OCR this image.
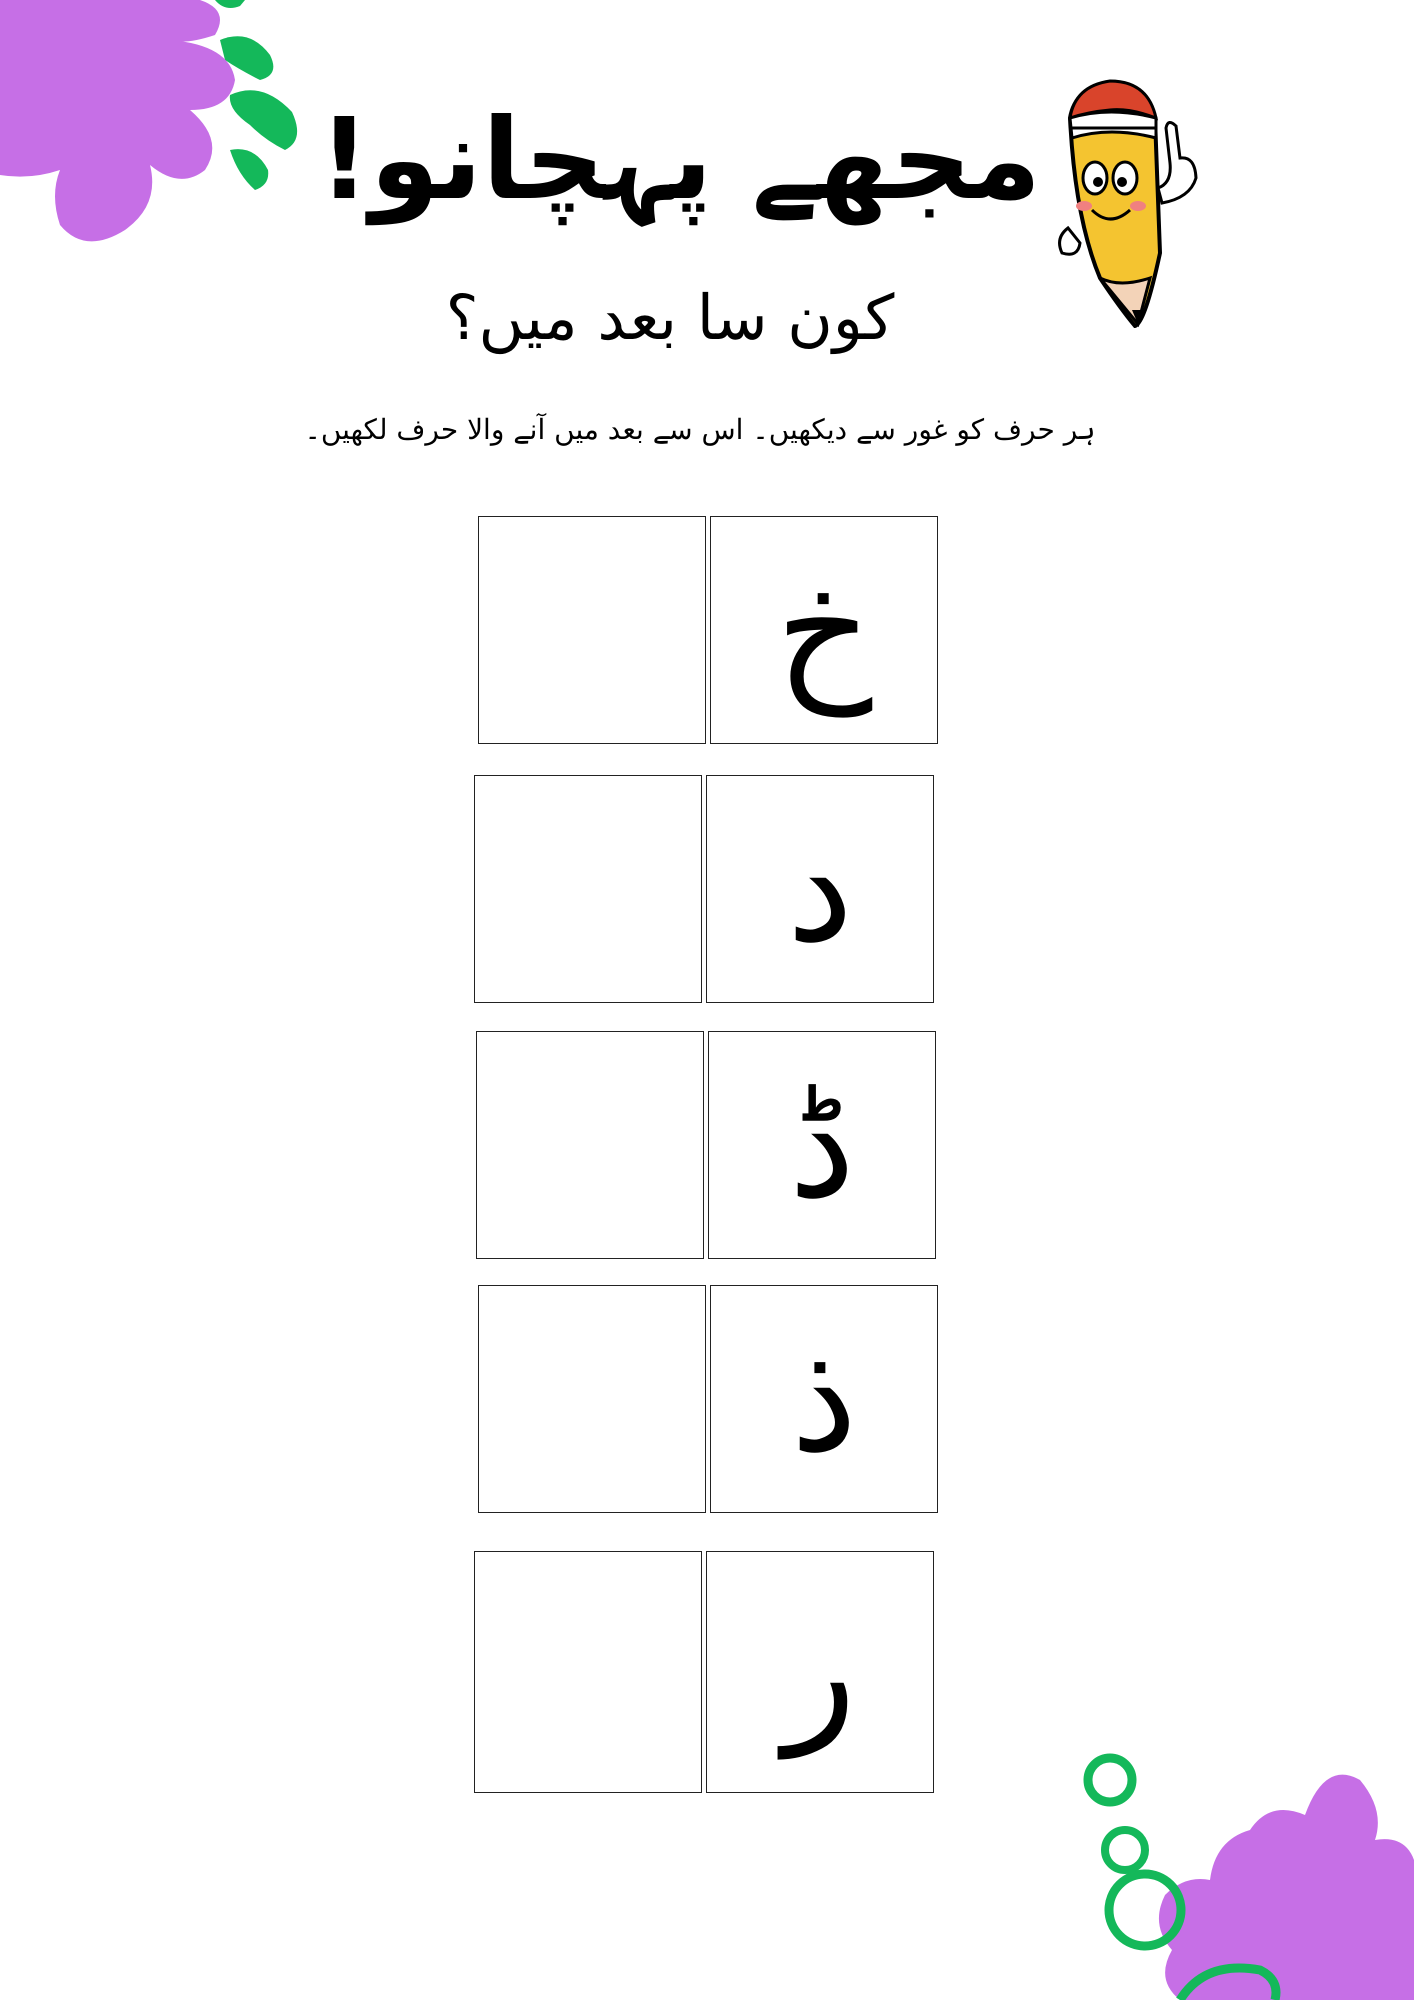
مجھے پہچانو!
کون سا بعد میں؟
ہر حرف کو غور سے دیکھیں۔ اس سے بعد میں آنے والا حرف لکھیں۔
خ
د
ڈ
ذ
ر
